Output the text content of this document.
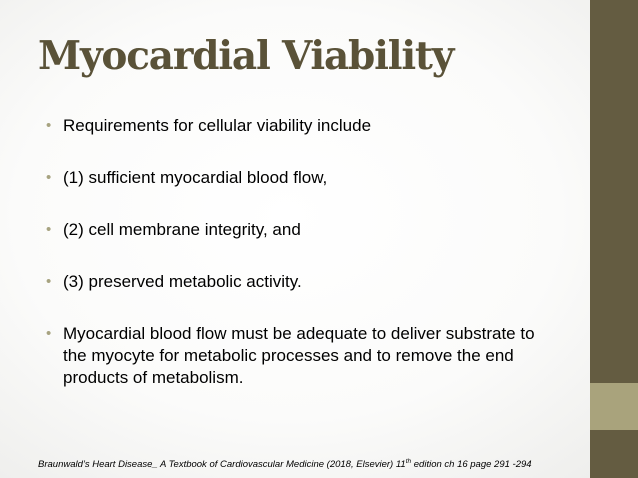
Myocardial Viability
• Requirements for cellular viability include
• (1) sufficient myocardial blood flow,
• (2) cell membrane integrity, and
• (3) preserved metabolic activity.
• Myocardial blood flow must be adequate to deliver substrate to the myocyte for metabolic processes and to remove the end products of metabolism.
Braunwald’s Heart Disease_ A Textbook of Cardiovascular Medicine (2018, Elsevier) 11th edition ch 16 page 291 -294
